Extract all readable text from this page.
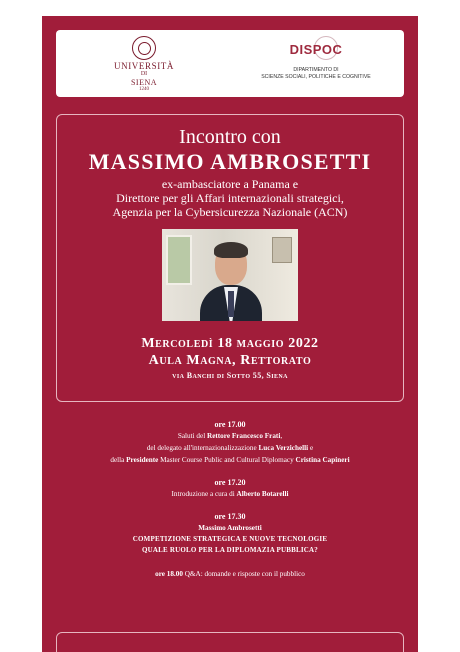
UNIVERSITÀ
DI
SIENA
1240
DISPOC
DIPARTIMENTO DI
SCIENZE SOCIALI, POLITICHE E COGNITIVE
Incontro con
MASSIMO AMBROSETTI
ex-ambasciatore a Panama e
Direttore per gli Affari internazionali strategici,
Agenzia per la Cybersicurezza Nazionale (ACN)
Mercoledì 18 maggio 2022
Aula Magna, Rettorato
via Banchi di Sotto 55, Siena
ore 17.00
Saluti del Rettore Francesco Frati,
del delegato all'internazionalizzazione Luca Verzichelli e
della Presidente Master Course Public and Cultural Diplomacy Cristina Capineri
ore 17.20
Introduzione a cura di Alberto Botarelli
ore 17.30
Massimo Ambrosetti
COMPETIZIONE STRATEGICA E NUOVE TECNOLOGIE
QUALE RUOLO PER LA DIPLOMAZIA PUBBLICA?
ore 18.00 Q&A: domande e risposte con il pubblico
